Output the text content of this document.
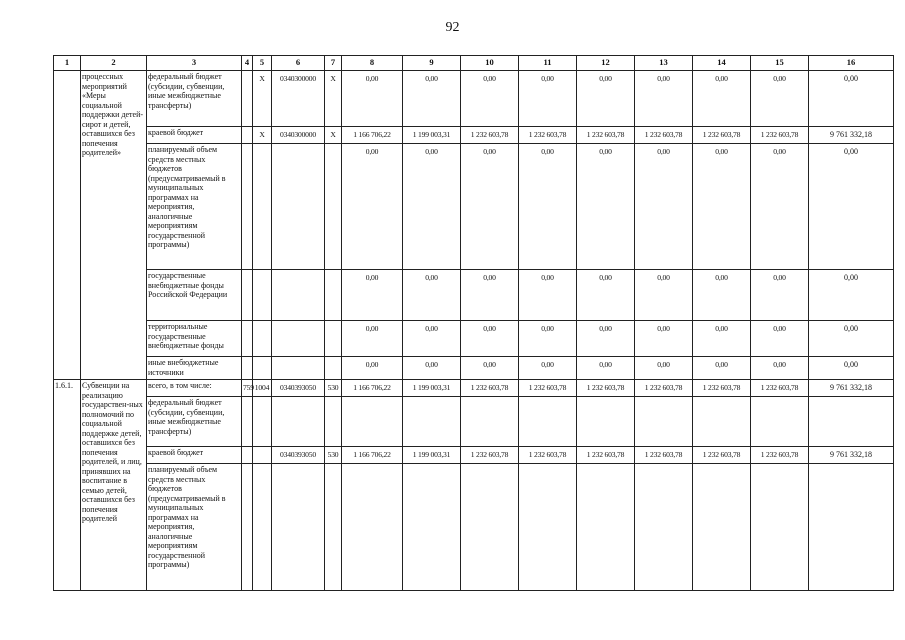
92
1	2	3	4	5	6	7	8	9	10	11	12	13	14	15	16
	процессных мероприятий «Меры социальной поддержки детей-сирот и детей, оставшихся без попечения родителей»	федеральный бюджет (субсидии, субвенции, иные межбюджетные трансферты)		X	0340300000	X	0,00	0,00	0,00	0,00	0,00	0,00	0,00	0,00	0,00
		краевой бюджет		X	0340300000	X	1 166 706,22	1 199 003,31	1 232 603,78	1 232 603,78	1 232 603,78	1 232 603,78	1 232 603,78	1 232 603,78	9 761 332,18
		планируемый объем средств местных бюджетов (предусматриваемый в муниципальных программах на мероприятия, аналогичные мероприятиям государственной программы)					0,00	0,00	0,00	0,00	0,00	0,00	0,00	0,00	0,00
		государственные внебюджетные фонды Российской Федерации					0,00	0,00	0,00	0,00	0,00	0,00	0,00	0,00	0,00
		территориальные государственные внебюджетные фонды					0,00	0,00	0,00	0,00	0,00	0,00	0,00	0,00	0,00
		иные внебюджетные источники					0,00	0,00	0,00	0,00	0,00	0,00	0,00	0,00	0,00
1.6.1.	Субвенции на реализацию государствен-ных полномочий по социальной поддержке детей, оставшихся без попечения родителей, и лиц, принявших на воспитание в семью детей, оставшихся без попечения родителей	всего, в том числе:	759	1004	0340393050	530	1 166 706,22	1 199 003,31	1 232 603,78	1 232 603,78	1 232 603,78	1 232 603,78	1 232 603,78	1 232 603,78	9 761 332,18
		федеральный бюджет (субсидии, субвенции, иные межбюджетные трансферты)													
		краевой бюджет			0340393050	530	1 166 706,22	1 199 003,31	1 232 603,78	1 232 603,78	1 232 603,78	1 232 603,78	1 232 603,78	1 232 603,78	9 761 332,18
		планируемый объем средств местных бюджетов (предусматриваемый в муниципальных программах на мероприятия, аналогичные мероприятиям государственной программы)													
